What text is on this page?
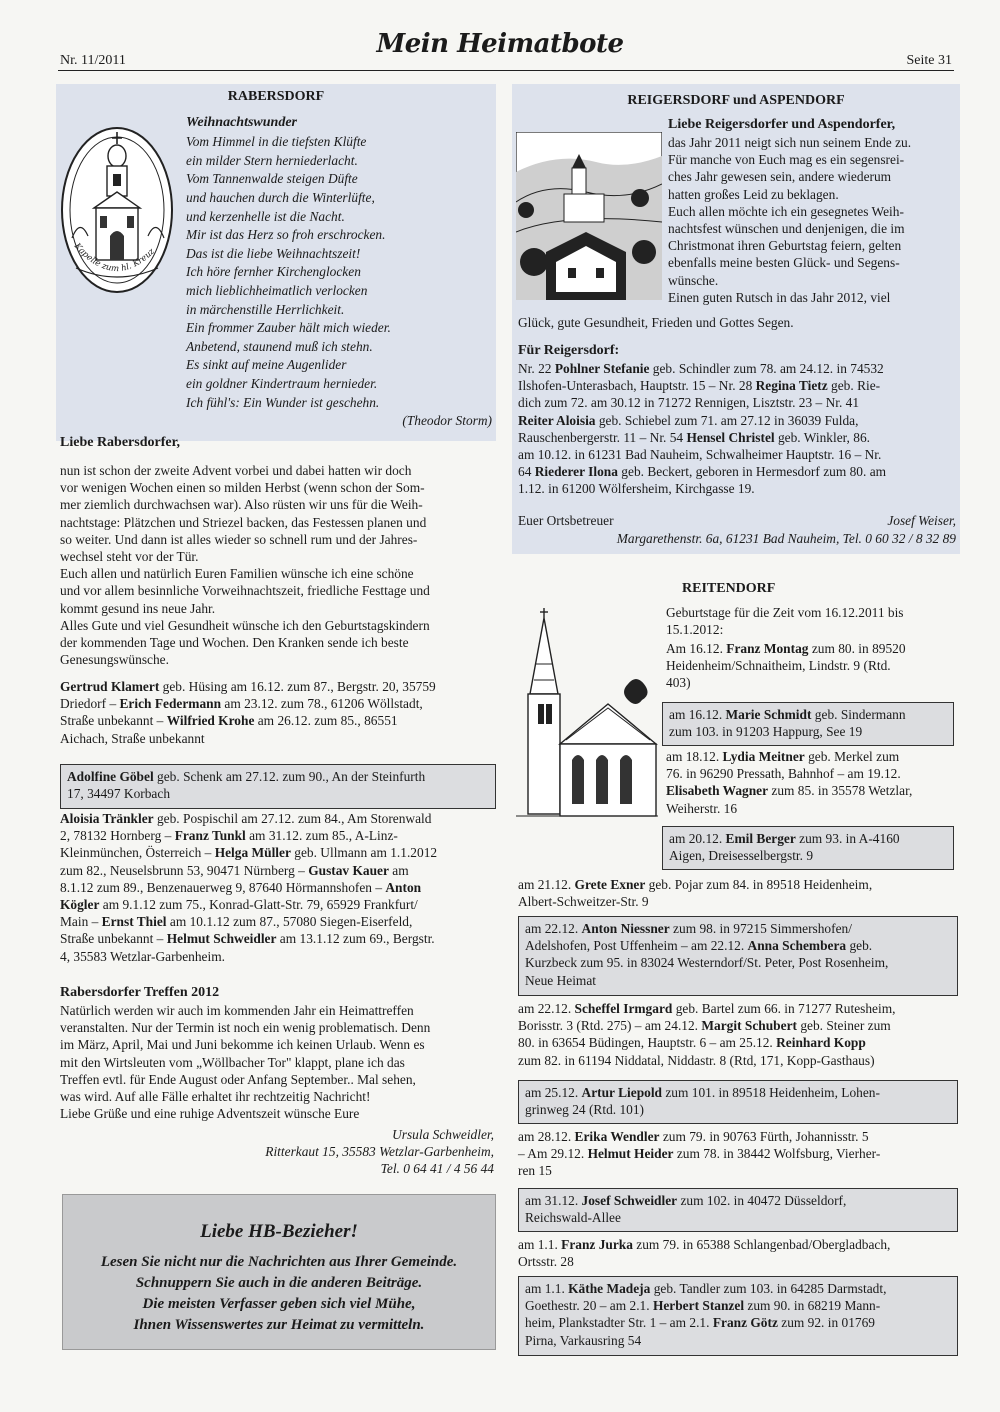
Nr. 11/2011
Mein Heimatbote
Seite 31
RABERSDORF
Kapelle zum hl. Kreuz
Weihnachtswunder
Vom Himmel in die tiefsten Klüfte
ein milder Stern herniederlacht.
Vom Tannenwalde steigen Düfte
und hauchen durch die Winterlüfte,
und kerzenhelle ist die Nacht.
Mir ist das Herz so froh erschrocken.
Das ist die liebe Weihnachtszeit!
Ich höre fernher Kirchenglocken
mich lieblichheimatlich verlocken
in märchenstille Herrlichkeit.
Ein frommer Zauber hält mich wieder.
Anbetend, staunend muß ich stehn.
Es sinkt auf meine Augenlider
ein goldner Kindertraum hernieder.
Ich fühl's: Ein Wunder ist geschehn.
(Theodor Storm)
Liebe Rabersdorfer,
nun ist schon der zweite Advent vorbei und dabei hatten wir doch
vor wenigen Wochen einen so milden Herbst (wenn schon der Som-
mer ziemlich durchwachsen war). Also rüsten wir uns für die Weih-
nachtstage: Plätzchen und Striezel backen, das Festessen planen und
so weiter. Und dann ist alles wieder so schnell rum und der Jahres-
wechsel steht vor der Tür.
Euch allen und natürlich Euren Familien wünsche ich eine schöne
und vor allem besinnliche Vorweihnachtszeit, friedliche Festtage und
kommt gesund ins neue Jahr.
Alles Gute und viel Gesundheit wünsche ich den Geburtstagskindern
der kommenden Tage und Wochen. Den Kranken sende ich beste
Genesungswünsche.
Gertrud Klamert geb. Hüsing am 16.12. zum 87., Bergstr. 20, 35759
Driedorf – Erich Federmann am 23.12. zum 78., 61206 Wöllstadt,
Straße unbekannt – Wilfried Krohe am 26.12. zum 85., 86551
Aichach, Straße unbekannt
Adolfine Göbel geb. Schenk am 27.12. zum 90., An der Steinfurth
17, 34497 Korbach
Aloisia Tränkler geb. Pospischil am 27.12. zum 84., Am Storenwald
2, 78132 Hornberg – Franz Tunkl am 31.12. zum 85., A-Linz-
Kleinmünchen, Österreich – Helga Müller geb. Ullmann am 1.1.2012
zum 82., Neuselsbrunn 53, 90471 Nürnberg – Gustav Kauer am
8.1.12 zum 89., Benzenauerweg 9, 87640 Hörmannshofen – Anton
Kögler am 9.1.12 zum 75., Konrad-Glatt-Str. 79, 65929 Frankfurt/
Main – Ernst Thiel am 10.1.12 zum 87., 57080 Siegen-Eiserfeld,
Straße unbekannt – Helmut Schweidler am 13.1.12 zum 69., Bergstr.
4, 35583 Wetzlar-Garbenheim.
Rabersdorfer Treffen 2012
Natürlich werden wir auch im kommenden Jahr ein Heimattreffen
veranstalten. Nur der Termin ist noch ein wenig problematisch. Denn
im März, April, Mai und Juni bekomme ich keinen Urlaub. Wenn es
mit den Wirtsleuten vom „Wöllbacher Tor" klappt, plane ich das
Treffen evtl. für Ende August oder Anfang September.. Mal sehen,
was wird. Auf alle Fälle erhaltet ihr rechtzeitig Nachricht!
Liebe Grüße und eine ruhige Adventszeit wünsche Eure
Ursula Schweidler,
Ritterkaut 15, 35583 Wetzlar-Garbenheim,
Tel. 0 64 41 / 4 56 44
Liebe HB-Bezieher!
Lesen Sie nicht nur die Nachrichten aus Ihrer Gemeinde.
Schnuppern Sie auch in die anderen Beiträge.
Die meisten Verfasser geben sich viel Mühe,
Ihnen Wissenswertes zur Heimat zu vermitteln.
REIGERSDORF und ASPENDORF
Liebe Reigersdorfer und Aspendorfer,
das Jahr 2011 neigt sich nun seinem Ende zu.
Für manche von Euch mag es ein segensrei-
ches Jahr gewesen sein, andere wiederum
hatten großes Leid zu beklagen.
Euch allen möchte ich ein gesegnetes Weih-
nachtsfest wünschen und denjenigen, die im
Christmonat ihren Geburtstag feiern, gelten
ebenfalls meine besten Glück- und Segens-
wünsche.
Einen guten Rutsch in das Jahr 2012, viel
Glück, gute Gesundheit, Frieden und Gottes Segen.
Für Reigersdorf:
Nr. 22 Pohlner Stefanie geb. Schindler zum 78. am 24.12. in 74532
Ilshofen-Unterasbach, Hauptstr. 15 – Nr. 28 Regina Tietz geb. Rie-
dich zum 72. am 30.12 in 71272 Rennigen, Lisztstr. 23 – Nr. 41
Reiter Aloisia geb. Schiebel zum 71. am 27.12 in 36039 Fulda,
Rauschenbergerstr. 11 – Nr. 54 Hensel Christel geb. Winkler, 86.
am 10.12. in 61231 Bad Nauheim, Schwalheimer Hauptstr. 16 – Nr.
64 Riederer Ilona geb. Beckert, geboren in Hermesdorf zum 80. am
1.12. in 61200 Wölfersheim, Kirchgasse 19.
Euer Ortsbetreuer	Josef Weiser,
Margarethenstr. 6a, 61231 Bad Nauheim, Tel. 0 60 32 / 8 32 89
REITENDORF
Geburtstage für die Zeit vom 16.12.2011 bis
15.1.2012:
Am 16.12. Franz Montag zum 80. in 89520
Heidenheim/Schnaitheim, Lindstr. 9 (Rtd.
403)
am 16.12. Marie Schmidt geb. Sindermann
zum 103. in 91203 Happurg, See 19
am 18.12. Lydia Meitner geb. Merkel zum
76. in 96290 Pressath, Bahnhof – am 19.12.
Elisabeth Wagner zum 85. in 35578 Wetzlar,
Weiherstr. 16
am 20.12. Emil Berger zum 93. in A-4160
Aigen, Dreisesselbergstr. 9
am 21.12. Grete Exner geb. Pojar zum 84. in 89518 Heidenheim,
Albert-Schweitzer-Str. 9
am 22.12. Anton Niessner zum 98. in 97215 Simmershofen/
Adelshofen, Post Uffenheim – am 22.12. Anna Schembera geb.
Kurzbeck zum 95. in 83024 Westerndorf/St. Peter, Post Rosenheim,
Neue Heimat
am 22.12. Scheffel Irmgard geb. Bartel zum 66. in 71277 Rutesheim,
Borisstr. 3 (Rtd. 275) – am 24.12. Margit Schubert geb. Steiner zum
80. in 63654 Büdingen, Hauptstr. 6 – am 25.12. Reinhard Kopp
zum 82. in 61194 Niddatal, Niddastr. 8 (Rtd, 171, Kopp-Gasthaus)
am 25.12. Artur Liepold zum 101. in 89518 Heidenheim, Lohen-
grinweg 24 (Rtd. 101)
am 28.12. Erika Wendler zum 79. in 90763 Fürth, Johannisstr. 5
– Am 29.12. Helmut Heider zum 78. in 38442 Wolfsburg, Vierher-
ren 15
am 31.12. Josef Schweidler zum 102. in 40472 Düsseldorf,
Reichswald-Allee
am 1.1. Franz Jurka zum 79. in 65388 Schlangenbad/Obergladbach,
Ortsstr. 28
am 1.1. Käthe Madeja geb. Tandler zum 103. in 64285 Darmstadt,
Goethestr. 20 – am 2.1. Herbert Stanzel zum 90. in 68219 Mann-
heim, Plankstadter Str. 1 – am 2.1. Franz Götz zum 92. in 01769
Pirna, Varkausring 54
